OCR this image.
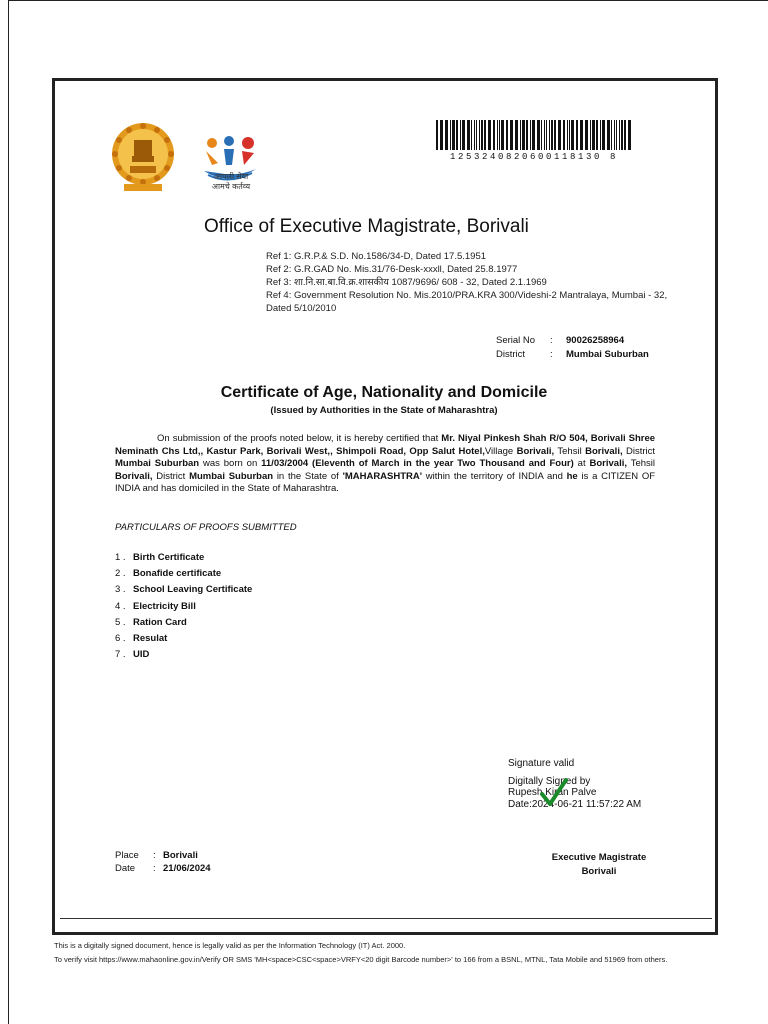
आपली सेवा
आमचे कर्तव्य
1253240820600118130 8
Office of Executive Magistrate, Borivali
Ref 1: G.R.P.& S.D. No.1586/34-D, Dated 17.5.1951
Ref 2: G.R.GAD No. Mis.31/76-Desk-xxxll, Dated 25.8.1977
Ref 3: शा.नि.सा.बा.वि.क्र.शासकीय 1087/9696/ 608 - 32, Dated 2.1.1969
Ref 4: Government Resolution No. Mis.2010/PRA.KRA 300/Videshi-2 Mantralaya, Mumbai - 32, Dated 5/10/2010
Serial No	:	90026258964
District	:	Mumbai Suburban
Certificate of Age, Nationality and Domicile
(Issued by Authorities in the State of Maharashtra)
On submission of the proofs noted below, it is hereby certified that Mr. Niyal Pinkesh Shah R/O 504, Borivali Shree Neminath Chs Ltd,, Kastur Park, Borivali West,, Shimpoli Road, Opp Salut Hotel,Village Borivali, Tehsil Borivali, District Mumbai Suburban was born on 11/03/2004 (Eleventh of March in the year Two Thousand and Four) at Borivali, Tehsil Borivali, District Mumbai Suburban in the State of 'MAHARASHTRA' within the territory of INDIA and he is a CITIZEN OF INDIA and has domiciled in the State of Maharashtra.
PARTICULARS OF PROOFS SUBMITTED
1 . Birth Certificate
2 . Bonafide certificate
3 . School Leaving Certificate
4 . Electricity Bill
5 . Ration Card
6 . Resulat
7 . UID
Signature valid
Digitally Signed by
Rupesh Kiran Palve
Date:2024-06-21 11:57:22 AM
Place	: Borivali
Date	: 21/06/2024
Executive Magistrate
Borivali
This is a digitally signed document, hence is legally valid as per the Information Technology (IT) Act. 2000.
To verify visit https://www.mahaonline.gov.in/Verify OR SMS 'MH<space>CSC<space>VRFY<20 digit Barcode number>' to 166 from a BSNL, MTNL, Tata Mobile and 51969 from others.
